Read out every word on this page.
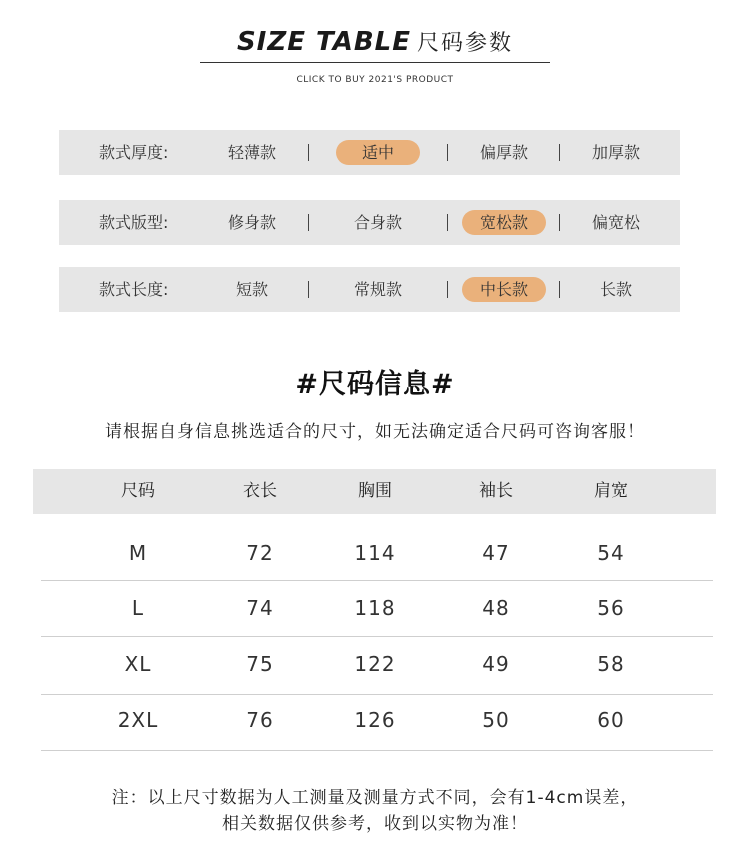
SIZE TABLE 尺码参数
CLICK TO BUY 2021'S PRODUCT
款式厚度:	轻薄款	适中	偏厚款	加厚款
款式版型:	修身款	合身款	宽松款	偏宽松
款式长度:	短款	常规款	中长款	长款
#尺码信息#
请根据自身信息挑选适合的尺寸，如无法确定适合尺码可咨询客服！
尺码	衣长	胸围	袖长	肩宽
M	72	114	47	54
L	74	118	48	56
XL	75	122	49	58
2XL	76	126	50	60
注：以上尺寸数据为人工测量及测量方式不同，会有1-4cm误差，
相关数据仅供参考，收到以实物为准！
